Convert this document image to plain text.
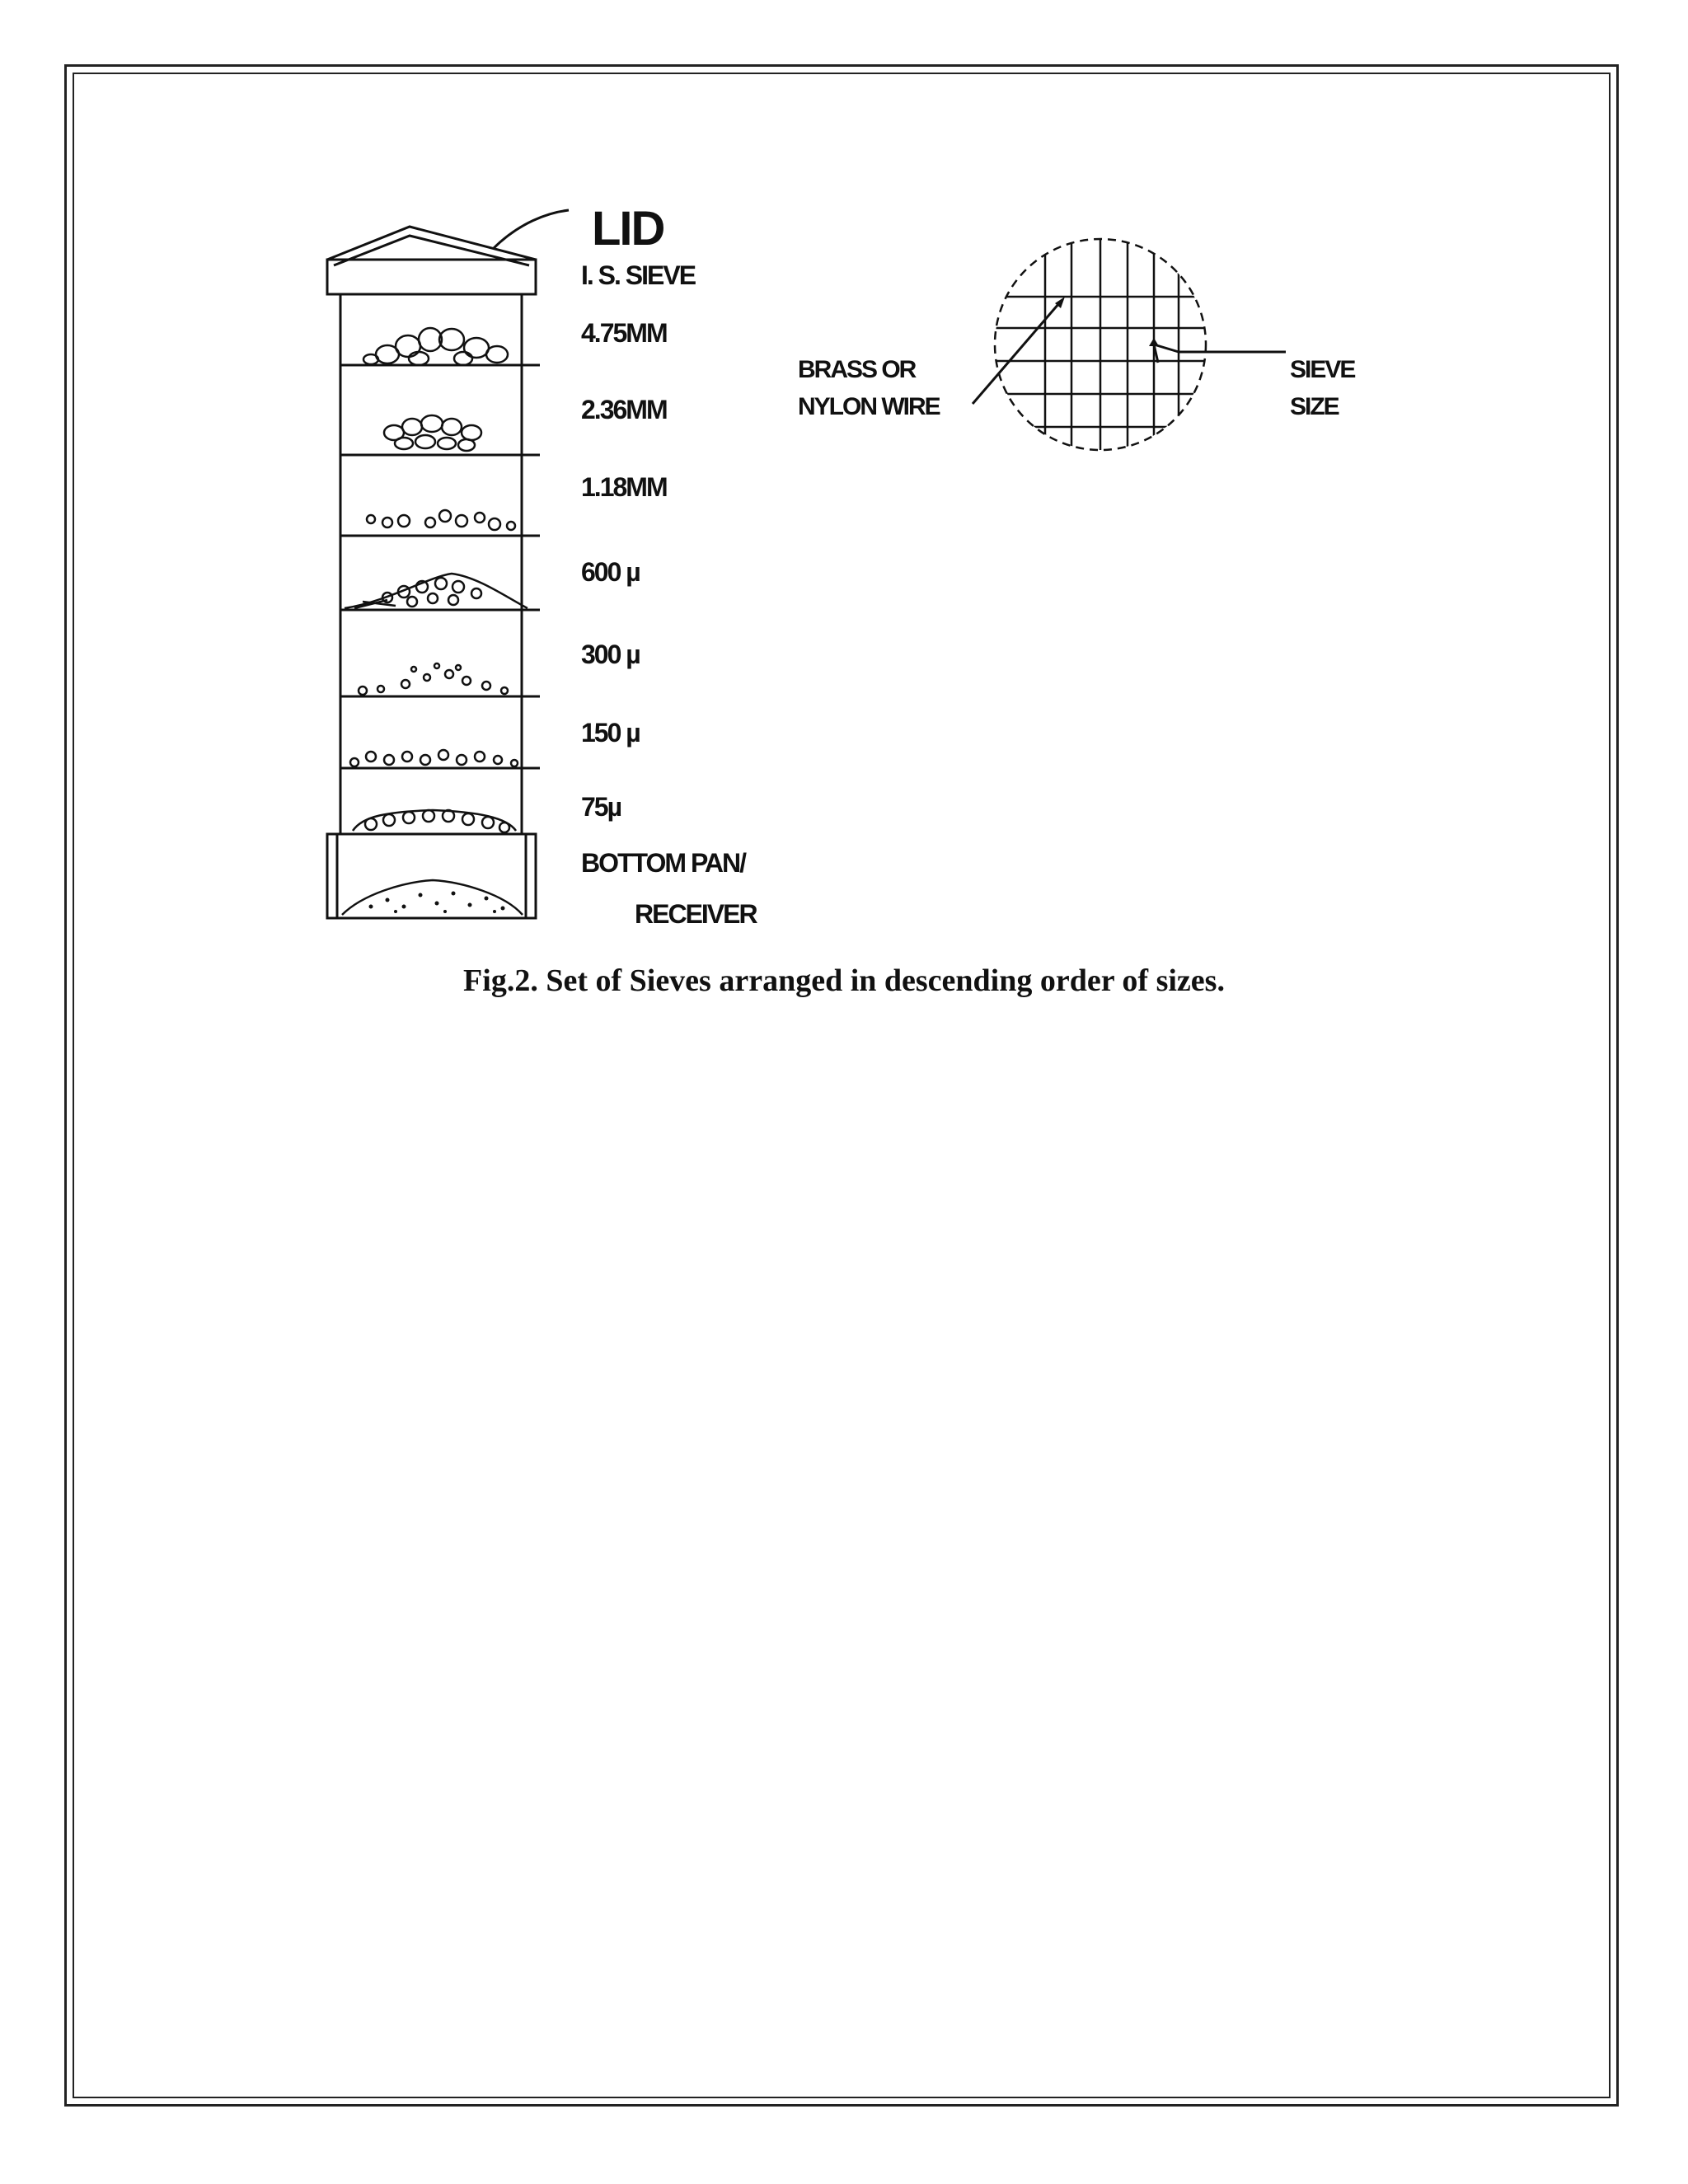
LID
I. S. SIEVE
4.75MM
2.36MM
1.18MM
600 µ
300 µ
150 µ
75µ
BOTTOM PAN/
RECEIVER
BRASS OR
NYLON WIRE
SIEVE
SIZE
Fig.2. Set of Sieves arranged in descending order of sizes.
